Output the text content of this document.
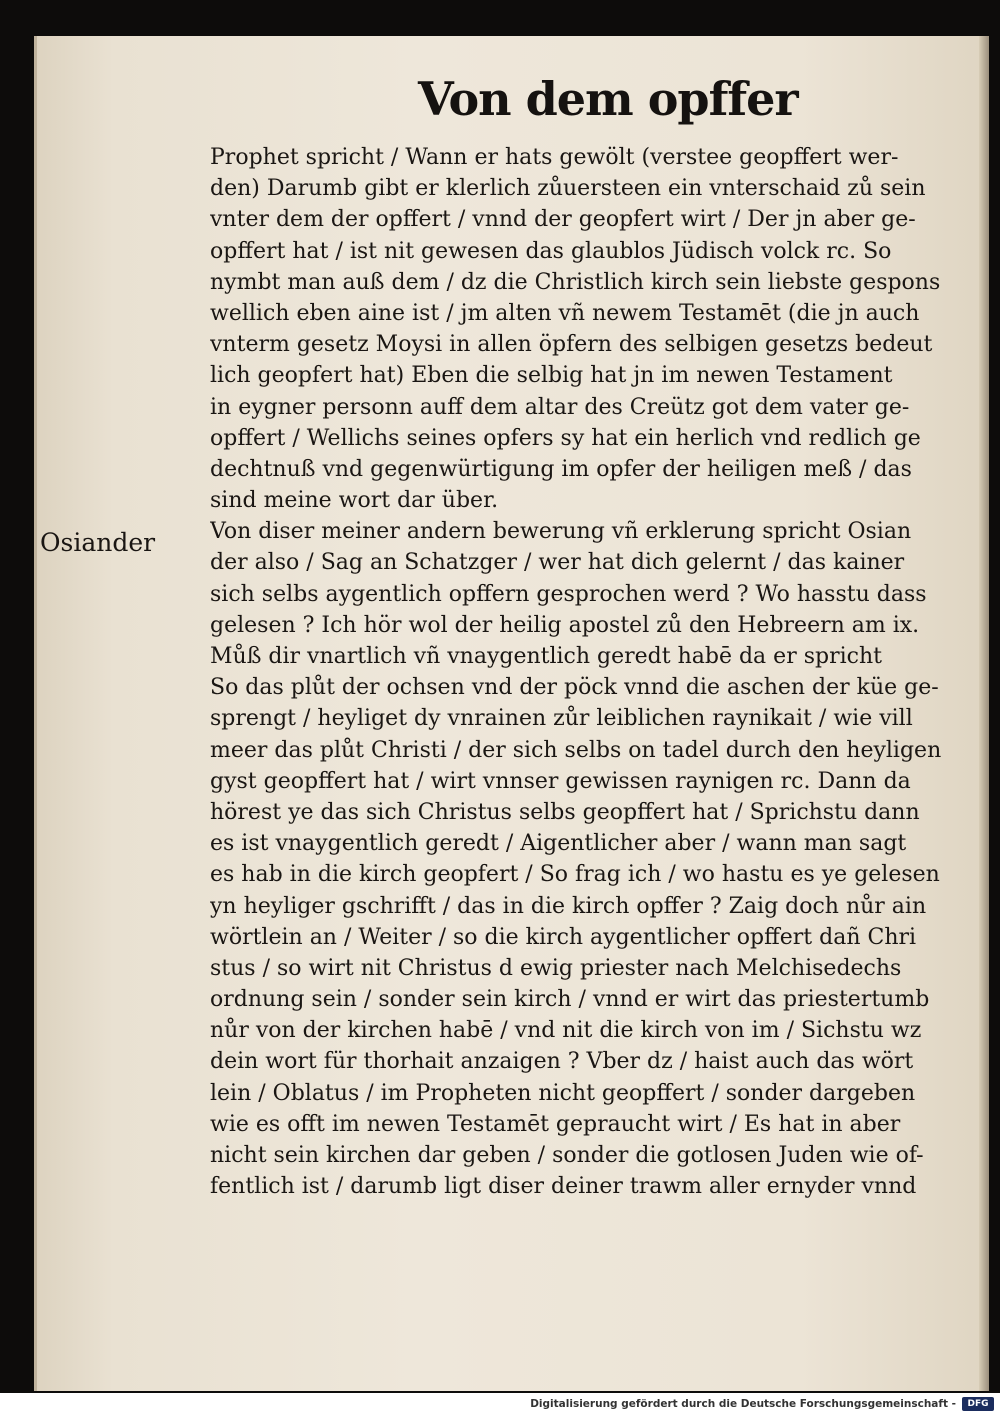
Von dem opffer
Osiander
Prophet spricht / Wann er hats gewölt (verstee geopffert wer-
den) Darumb gibt er klerlich zůuersteen ein vnterschaid zů sein
vnter dem der opffert / vnnd der geopfert wirt / Der jn aber ge-
opffert hat / ist nit gewesen das glaublos Jüdisch volck rc. So
nymbt man auß dem / dz die Christlich kirch sein liebste gespons
wellich eben aine ist / jm alten vñ newem Testamēt (die jn auch
vnterm gesetz Moysi in allen öpfern des selbigen gesetzs bedeut
lich geopfert hat) Eben die selbig hat jn im newen Testament
in eygner personn auff dem altar des Creütz got dem vater ge-
opffert / Wellichs seines opfers sy hat ein herlich vnd redlich ge
dechtnuß vnd gegenwürtigung im opfer der heiligen meß / das
sind meine wort dar über.
Von diser meiner andern bewerung vñ erklerung spricht Osian
der also / Sag an Schatzger / wer hat dich gelernt / das kainer
sich selbs aygentlich opffern gesprochen werd ? Wo hasstu dass
gelesen ? Ich hör wol der heilig apostel zů den Hebreern am ix.
Můß dir vnartlich vñ vnaygentlich geredt habē da er spricht
So das plůt der ochsen vnd der pöck vnnd die aschen der küe ge-
sprengt / heyliget dy vnrainen zůr leiblichen raynikait / wie vill
meer das plůt Christi / der sich selbs on tadel durch den heyligen
gyst geopffert hat / wirt vnnser gewissen raynigen rc. Dann da
hörest ye das sich Christus selbs geopffert hat / Sprichstu dann
es ist vnaygentlich geredt / Aigentlicher aber / wann man sagt
es hab in die kirch geopfert / So frag ich / wo hastu es ye gelesen
yn heyliger gschrifft / das in die kirch opffer ? Zaig doch nůr ain
wörtlein an / Weiter / so die kirch aygentlicher opffert dañ Chri
stus / so wirt nit Christus d ewig priester nach Melchisedechs
ordnung sein / sonder sein kirch / vnnd er wirt das priestertumb
nůr von der kirchen habē / vnd nit die kirch von im / Sichstu wz
dein wort für thorhait anzaigen ? Vber dz / haist auch das wört
lein / Oblatus / im Propheten nicht geopffert / sonder dargeben
wie es offt im newen Testamēt gepraucht wirt / Es hat in aber
nicht sein kirchen dar geben / sonder die gotlosen Juden wie of-
fentlich ist / darumb ligt diser deiner trawm aller ernyder vnnd
Digitalisierung gefördert durch die Deutsche Forschungsgemeinschaft -	DFG
